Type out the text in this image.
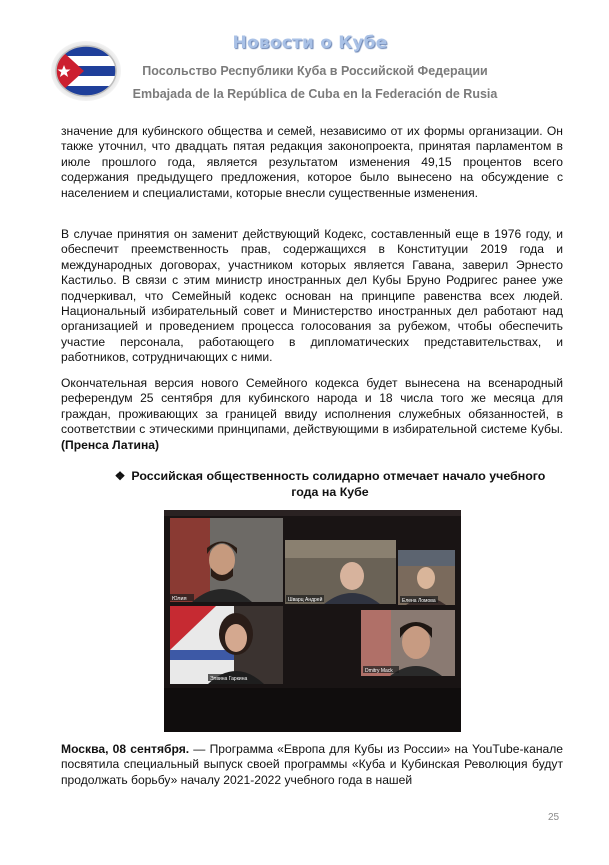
Новости о Кубе
Посольство Республики Куба в Российской Федерации
Embajada de la República de Cuba en la Federación de Rusia

значение для кубинского общества и семей, независимо от их формы организации. Он также уточнил, что двадцать пятая редакция законопроекта, принятая парламентом в июле прошлого года, является результатом изменения 49,15 процентов всего содержания предыдущего предложения, которое было вынесено на обсуждение с населением и специалистами, которые внесли существенные изменения.

В случае принятия он заменит действующий Кодекс, составленный еще в 1976 году, и обеспечит преемственность прав, содержащихся в Конституции 2019 года и международных договорах, участником которых является Гавана, заверил Эрнесто Кастильо. В связи с этим министр иностранных дел Кубы Бруно Родригес ранее уже подчеркивал, что Семейный кодекс основан на принципе равенства всех людей. Национальный избирательный совет и Министерство иностранных дел работают над организацией и проведением процесса голосования за рубежом, чтобы обеспечить участие персонала, работающего в дипломатических представительствах, и работников, сотрудничающих с ними.

Окончательная версия нового Семейного кодекса будет вынесена на всенародный референдум 25 сентября для кубинского народа и 18 числа того же месяца для граждан, проживающих за границей ввиду исполнения служебных обязанностей, в соответствии с этическими принципами, действующими в избирательной системе Кубы. (Пренса Латина)

❖ Российская общественность солидарно отмечает начало учебного
года на Кубе
Юлия	Шварц Андрей	Елена Ломова
Элвина Гаркина
Dmitry Mack

Москва, 08 сентября. — Программа «Европа для Кубы из России» на YouTube-канале посвятила специальный выпуск своей программы «Куба и Кубинская Революция будут продолжать борьбу» началу 2021-2022 учебного года в нашей

25
